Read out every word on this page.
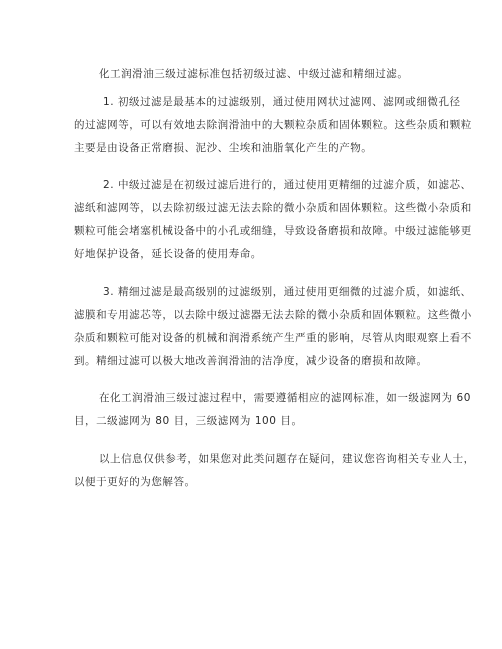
化工润滑油三级过滤标准包括初级过滤、中级过滤和精细过滤。
1. 初级过滤是最基本的过滤级别，通过使用网状过滤网、滤网或细微孔径
的过滤网等，可以有效地去除润滑油中的大颗粒杂质和固体颗粒。这些杂质和颗粒
主要是由设备正常磨损、泥沙、尘埃和油脂氧化产生的产物。
2. 中级过滤是在初级过滤后进行的，通过使用更精细的过滤介质，如滤芯、
滤纸和滤网等，以去除初级过滤无法去除的微小杂质和固体颗粒。这些微小杂质和
颗粒可能会堵塞机械设备中的小孔或细缝，导致设备磨损和故障。中级过滤能够更
好地保护设备，延长设备的使用寿命。
3. 精细过滤是最高级别的过滤级别，通过使用更细微的过滤介质，如滤纸、
滤膜和专用滤芯等，以去除中级过滤器无法去除的微小杂质和固体颗粒。这些微小
杂质和颗粒可能对设备的机械和润滑系统产生严重的影响，尽管从肉眼观察上看不
到。精细过滤可以极大地改善润滑油的洁净度，减少设备的磨损和故障。
在化工润滑油三级过滤过程中，需要遵循相应的滤网标准，如一级滤网为 60
目，二级滤网为 80 目，三级滤网为 100 目。
以上信息仅供参考，如果您对此类问题存在疑问，建议您咨询相关专业人士，
以便于更好的为您解答。
